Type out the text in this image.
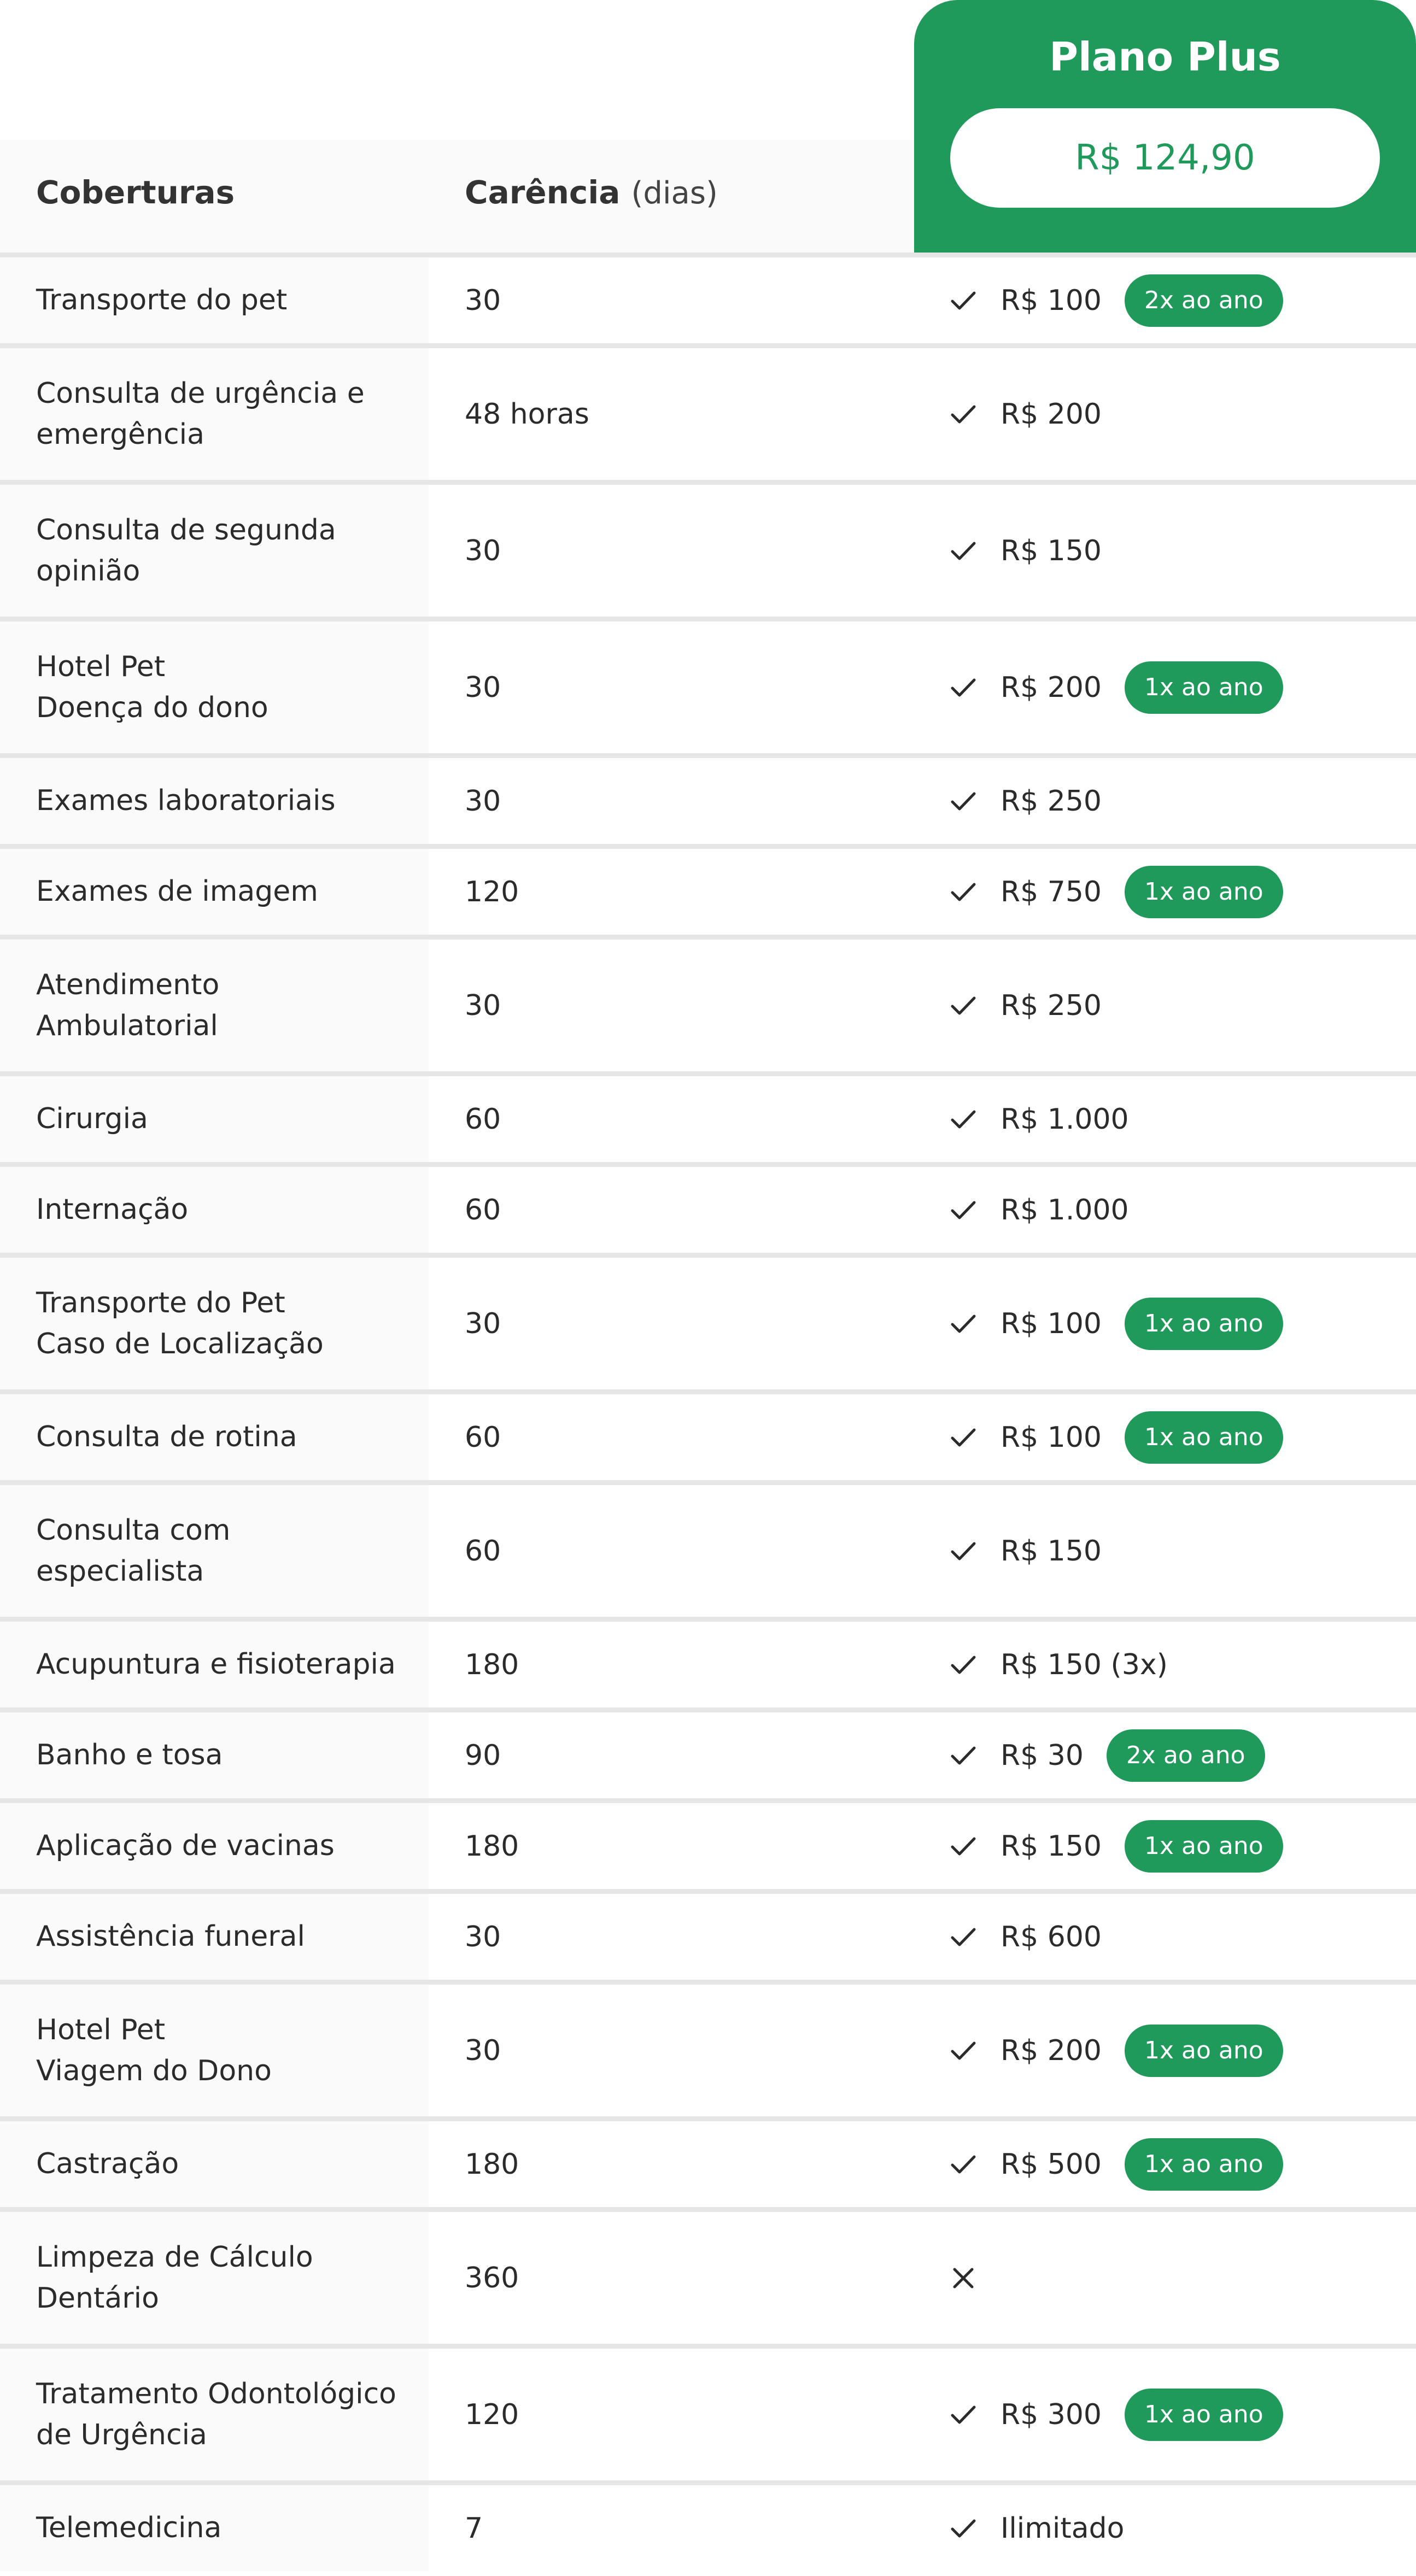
Coberturas	Carência (dias)
Plano Plus
R$ 124,90
Transporte do pet	30	R$ 100	2x ao ano
Consulta de urgência e
emergência
48 horas	R$ 200
Consulta de segunda
opinião
30	R$ 150
Hotel Pet
Doença do dono
30	R$ 200	1x ao ano
Exames laboratoriais	30	R$ 250
Exames de imagem	120	R$ 750	1x ao ano
Atendimento
Ambulatorial
30	R$ 250
Cirurgia	60	R$ 1.000
Internação	60	R$ 1.000
Transporte do Pet
Caso de Localização
30	R$ 100	1x ao ano
Consulta de rotina	60	R$ 100	1x ao ano
Consulta com
especialista
60	R$ 150
Acupuntura e fisioterapia	180	R$ 150 (3x)
Banho e tosa	90	R$ 30	2x ao ano
Aplicação de vacinas	180	R$ 150	1x ao ano
Assistência funeral	30	R$ 600
Hotel Pet
Viagem do Dono
30	R$ 200	1x ao ano
Castração	180	R$ 500	1x ao ano
Limpeza de Cálculo
Dentário
360
Tratamento Odontológico
de Urgência
120	R$ 300	1x ao ano
Telemedicina	7	Ilimitado
